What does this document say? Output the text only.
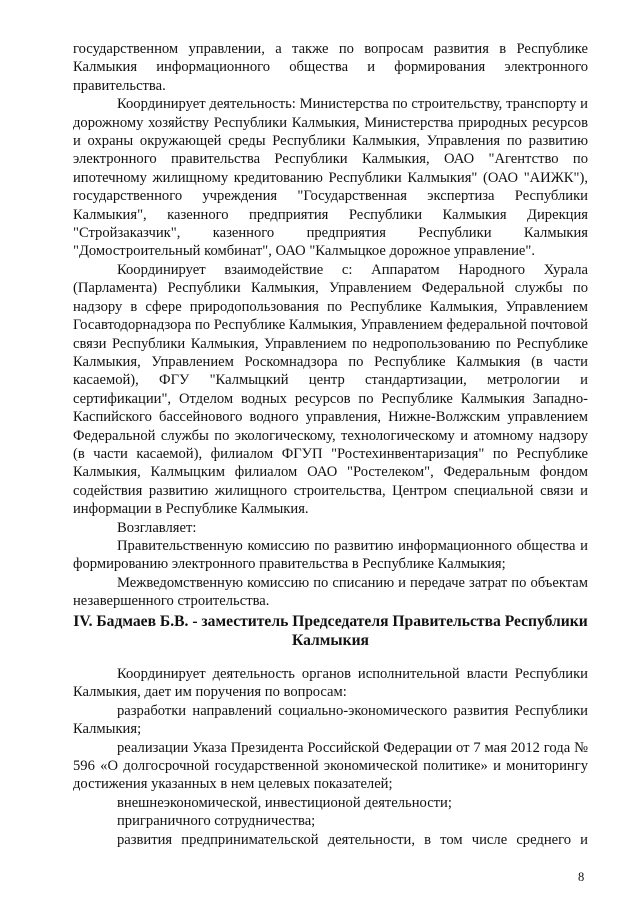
государственном управлении, а также по вопросам развития в Республике Калмыкия информационного общества и формирования электронного правительства.

Координирует деятельность: Министерства по строительству, транспорту и дорожному хозяйству Республики Калмыкия, Министерства природных ресурсов и охраны окружающей среды Республики Калмыкия, Управления по развитию электронного правительства Республики Калмыкия, ОАО "Агентство по ипотечному жилищному кредитованию Республики Калмыкия" (ОАО "АИЖК"), государственного учреждения "Государственная экспертиза Республики Калмыкия", казенного предприятия Республики Калмыкия Дирекция "Стройзаказчик", казенного предприятия Республики Калмыкия "Домостроительный комбинат", ОАО "Калмыцкое дорожное управление".

Координирует взаимодействие с: Аппаратом Народного Хурала (Парламента) Республики Калмыкия, Управлением Федеральной службы по надзору в сфере природопользования по Республике Калмыкия, Управлением Госавтодорнадзора по Республике Калмыкия, Управлением федеральной почтовой связи Республики Калмыкия, Управлением по недропользованию по Республике Калмыкия, Управлением Роскомнадзора по Республике Калмыкия (в части касаемой), ФГУ "Калмыцкий центр стандартизации, метрологии и сертификации", Отделом водных ресурсов по Республике Калмыкия Западно-Каспийского бассейнового водного управления, Нижне-Волжским управлением Федеральной службы по экологическому, технологическому и атомному надзору (в части касаемой), филиалом ФГУП "Ростехинвентаризация" по Республике Калмыкия, Калмыцким филиалом ОАО "Ростелеком", Федеральным фондом содействия развитию жилищного строительства, Центром специальной связи и информации в Республике Калмыкия.

Возглавляет:

Правительственную комиссию по развитию информационного общества и формированию электронного правительства в Республике Калмыкия;

Межведомственную комиссию по списанию и передаче затрат по объектам незавершенного строительства.

IV. Бадмаев Б.В. - заместитель Председателя Правительства Республики Калмыкия

Координирует деятельность органов исполнительной власти Республики Калмыкия, дает им поручения по вопросам:

разработки направлений социально-экономического развития Республики Калмыкия;

реализации Указа Президента Российской Федерации от 7 мая 2012 года № 596 «О долгосрочной государственной экономической политике» и мониторингу достижения указанных в нем целевых показателей;

внешнеэкономической, инвестиционой деятельности;

приграничного сотрудничества;

развития предпринимательской деятельности, в том числе среднего и

8
